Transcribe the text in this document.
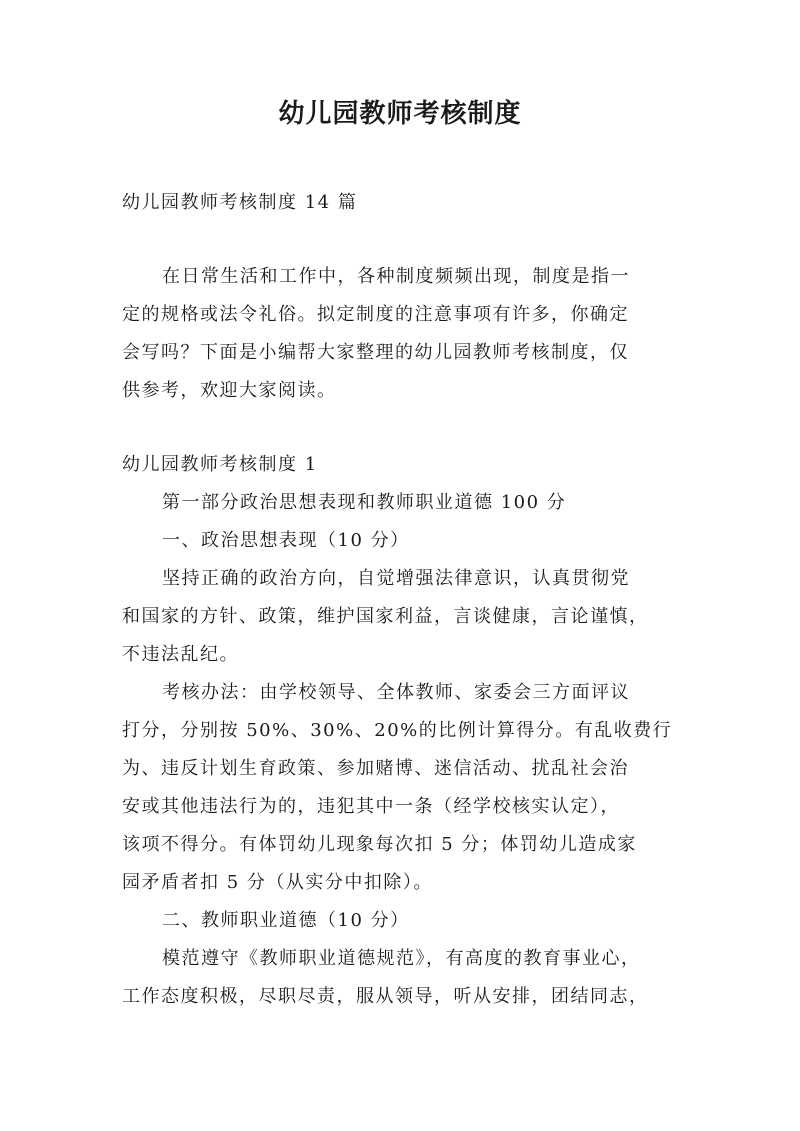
幼儿园教师考核制度
幼儿园教师考核制度 14 篇
在日常生活和工作中，各种制度频频出现，制度是指一
定的规格或法令礼俗。拟定制度的注意事项有许多，你确定
会写吗？下面是小编帮大家整理的幼儿园教师考核制度，仅
供参考，欢迎大家阅读。
幼儿园教师考核制度 1
第一部分政治思想表现和教师职业道德 100 分
一、政治思想表现（10 分）
坚持正确的政治方向，自觉增强法律意识，认真贯彻党
和国家的方针、政策，维护国家利益，言谈健康，言论谨慎，
不违法乱纪。
考核办法：由学校领导、全体教师、家委会三方面评议
打分，分别按 50%、30%、20%的比例计算得分。有乱收费行
为、违反计划生育政策、参加赌博、迷信活动、扰乱社会治
安或其他违法行为的，违犯其中一条（经学校核实认定），
该项不得分。有体罚幼儿现象每次扣 5 分；体罚幼儿造成家
园矛盾者扣 5 分（从实分中扣除）。
二、教师职业道德（10 分）
模范遵守《教师职业道德规范》，有高度的教育事业心，
工作态度积极，尽职尽责，服从领导，听从安排，团结同志，
